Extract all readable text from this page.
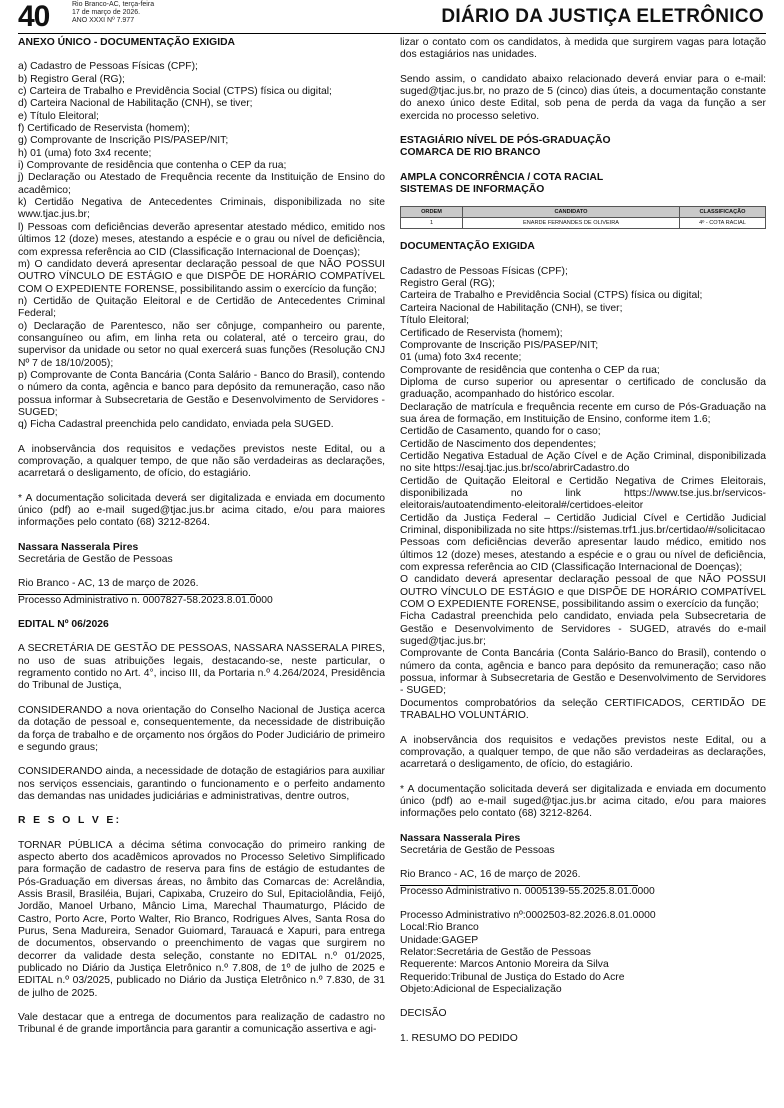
40	Rio Branco-AC, terça-feira
17 de março de 2026.
ANO XXXI Nº 7.977	DIÁRIO DA JUSTIÇA ELETRÔNICO

ANEXO ÚNICO - DOCUMENTAÇÃO EXIGIDA

a) Cadastro de Pessoas Físicas (CPF);

b) Registro Geral (RG);

c) Carteira de Trabalho e Previdência Social (CTPS) física ou digital;

d) Carteira Nacional de Habilitação (CNH), se tiver;

e) Título Eleitoral;

f) Certificado de Reservista (homem);

g) Comprovante de Inscrição PIS/PASEP/NIT;

h) 01 (uma) foto 3x4 recente;

i) Comprovante de residência que contenha o CEP da rua;

j) Declaração ou Atestado de Frequência recente da Instituição de Ensino do acadêmico;

k) Certidão Negativa de Antecedentes Criminais, disponibilizada no site www.tjac.jus.br;

l) Pessoas com deficiências deverão apresentar atestado médico, emitido nos últimos 12 (doze) meses, atestando a espécie e o grau ou nível de deficiência, com expressa referência ao CID (Classificação Internacional de Doenças);

m) O candidato deverá apresentar declaração pessoal de que NÃO POSSUI OUTRO VÍNCULO DE ESTÁGIO e que DISPÕE DE HORÁRIO COMPATÍVEL COM O EXPEDIENTE FORENSE, possibilitando assim o exercício da função;

n) Certidão de Quitação Eleitoral e de Certidão de Antecedentes Criminal Federal;

o) Declaração de Parentesco, não ser cônjuge, companheiro ou parente, consanguíneo ou afim, em linha reta ou colateral, até o terceiro grau, do supervisor da unidade ou setor no qual exercerá suas funções (Resolução CNJ Nº 7 de 18/10/2005);

p) Comprovante de Conta Bancária (Conta Salário - Banco do Brasil), contendo o número da conta, agência e banco para depósito da remuneração, caso não possua informar à Subsecretaria de Gestão e Desenvolvimento de Servidores - SUGED;

q) Ficha Cadastral preenchida pelo candidato, enviada pela SUGED.

A inobservância dos requisitos e vedações previstos neste Edital, ou a comprovação, a qualquer tempo, de que não são verdadeiras as declarações, acarretará o desligamento, de ofício, do estagiário.

* A documentação solicitada deverá ser digitalizada e enviada em documento único (pdf) ao e-mail suged@tjac.jus.br acima citado, e/ou para maiores informações pelo contato (68) 3212-8264.

Nassara Nasserala Pires

Secretária de Gestão de Pessoas

Rio Branco - AC, 13 de março de 2026.

Processo Administrativo n. 0007827-58.2023.8.01.0000

EDITAL Nº 06/2026

A SECRETÁRIA DE GESTÃO DE PESSOAS, NASSARA NASSERALA PIRES, no uso de suas atribuições legais, destacando-se, neste particular, o regramento contido no Art. 4°, inciso III, da Portaria n.º 4.264/2024, Presidência do Tribunal de Justiça,

CONSIDERANDO a nova orientação do Conselho Nacional de Justiça acerca da dotação de pessoal e, consequentemente, da necessidade de distribuição da força de trabalho e de orçamento nos órgãos do Poder Judiciário de primeiro e segundo graus;

CONSIDERANDO ainda, a necessidade de dotação de estagiários para auxiliar nos serviços essenciais, garantindo o funcionamento e o perfeito andamento das demandas nas unidades judiciárias e administrativas, dentre outros,

R E S O L V E:

TORNAR PÚBLICA a décima sétima convocação do primeiro ranking de aspecto aberto dos acadêmicos aprovados no Processo Seletivo Simplificado para formação de cadastro de reserva para fins de estágio de estudantes de Pós-Graduação em diversas áreas, no âmbito das Comarcas de: Acrelândia, Assis Brasil, Brasiléia, Bujari, Capixaba, Cruzeiro do Sul, Epitaciolândia, Feijó, Jordão, Manoel Urbano, Mâncio Lima, Marechal Thaumaturgo, Plácido de Castro, Porto Acre, Porto Walter, Rio Branco, Rodrigues Alves, Santa Rosa do Purus, Sena Madureira, Senador Guiomard, Tarauacá e Xapuri, para entrega de documentos, observando o preenchimento de vagas que surgirem no decorrer da validade desta seleção, constante no EDITAL n.º 01/2025, publicado no Diário da Justiça Eletrônico n.º 7.808, de 1º de julho de 2025 e EDITAL n.º 03/2025, publicado no Diário da Justiça Eletrônico n.º 7.830, de 31 de julho de 2025.

Vale destacar que a entrega de documentos para realização de cadastro no Tribunal é de grande importância para garantir a comunicação assertiva e agi-

lizar o contato com os candidatos, à medida que surgirem vagas para lotação dos estagiários nas unidades.

Sendo assim, o candidato abaixo relacionado deverá enviar para o e-mail: suged@tjac.jus.br, no prazo de 5 (cinco) dias úteis, a documentação constante do anexo único deste Edital, sob pena de perda da vaga da função a ser exercida no processo seletivo.

ESTAGIÁRIO NÍVEL DE PÓS-GRADUAÇÃO

COMARCA DE RIO BRANCO

AMPLA CONCORRÊNCIA / COTA RACIAL

SISTEMAS DE INFORMAÇÃO

ORDEM	CANDIDATO	CLASSIFICAÇÃO
1	ENARDE FERNANDES DE OLIVEIRA	4º - COTA RACIAL

DOCUMENTAÇÃO EXIGIDA

Cadastro de Pessoas Físicas (CPF);

Registro Geral (RG);

Carteira de Trabalho e Previdência Social (CTPS) física ou digital;

Carteira Nacional de Habilitação (CNH), se tiver;

Título Eleitoral;

Certificado de Reservista (homem);

Comprovante de Inscrição PIS/PASEP/NIT;

01 (uma) foto 3x4 recente;

Comprovante de residência que contenha o CEP da rua;

Diploma de curso superior ou apresentar o certificado de conclusão da graduação, acompanhado do histórico escolar.

Declaração de matrícula e frequência recente em curso de Pós-Graduação na sua área de formação, em Instituição de Ensino, conforme item 1.6;

Certidão de Casamento, quando for o caso;

Certidão de Nascimento dos dependentes;

Certidão Negativa Estadual de Ação Cível e de Ação Criminal, disponibilizada no site https://esaj.tjac.jus.br/sco/abrirCadastro.do

Certidão de Quitação Eleitoral e Certidão Negativa de Crimes Eleitorais, disponibilizada no link https://www.tse.jus.br/servicos-eleitorais/autoatendimento-eleitoral#/certidoes-eleitor

Certidão da Justiça Federal – Certidão Judicial Cível e Certidão Judicial Criminal, disponibilizada no site https://sistemas.trf1.jus.br/certidao/#/solicitacao

Pessoas com deficiências deverão apresentar laudo médico, emitido nos últimos 12 (doze) meses, atestando a espécie e o grau ou nível de deficiência, com expressa referência ao CID (Classificação Internacional de Doenças);

O candidato deverá apresentar declaração pessoal de que NÃO POSSUI OUTRO VÍNCULO DE ESTÁGIO e que DISPÕE DE HORÁRIO COMPATÍVEL COM O EXPEDIENTE FORENSE, possibilitando assim o exercício da função;

Ficha Cadastral preenchida pelo candidato, enviada pela Subsecretaria de Gestão e Desenvolvimento de Servidores - SUGED, através do e-mail suged@tjac.jus.br;

Comprovante de Conta Bancária (Conta Salário-Banco do Brasil), contendo o número da conta, agência e banco para depósito da remuneração; caso não possua, informar à Subsecretaria de Gestão e Desenvolvimento de Servidores - SUGED;

Documentos comprobatórios da seleção CERTIFICADOS, CERTIDÃO DE TRABALHO VOLUNTÁRIO.

A inobservância dos requisitos e vedações previstos neste Edital, ou a comprovação, a qualquer tempo, de que não são verdadeiras as declarações, acarretará o desligamento, de ofício, do estagiário.

* A documentação solicitada deverá ser digitalizada e enviada em documento único (pdf) ao e-mail suged@tjac.jus.br acima citado, e/ou para maiores informações pelo contato (68) 3212-8264.

Nassara Nasserala Pires

Secretária de Gestão de Pessoas

Rio Branco - AC, 16 de março de 2026.

Processo Administrativo n. 0005139-55.2025.8.01.0000

Processo Administrativo nº:0002503-82.2026.8.01.0000

Local:Rio Branco

Unidade:GAGEP

Relator:Secretária de Gestão de Pessoas

Requerente: Marcos Antonio Moreira da Silva

Requerido:Tribunal de Justiça do Estado do Acre

Objeto:Adicional de Especialização

DECISÃO

1. RESUMO DO PEDIDO
